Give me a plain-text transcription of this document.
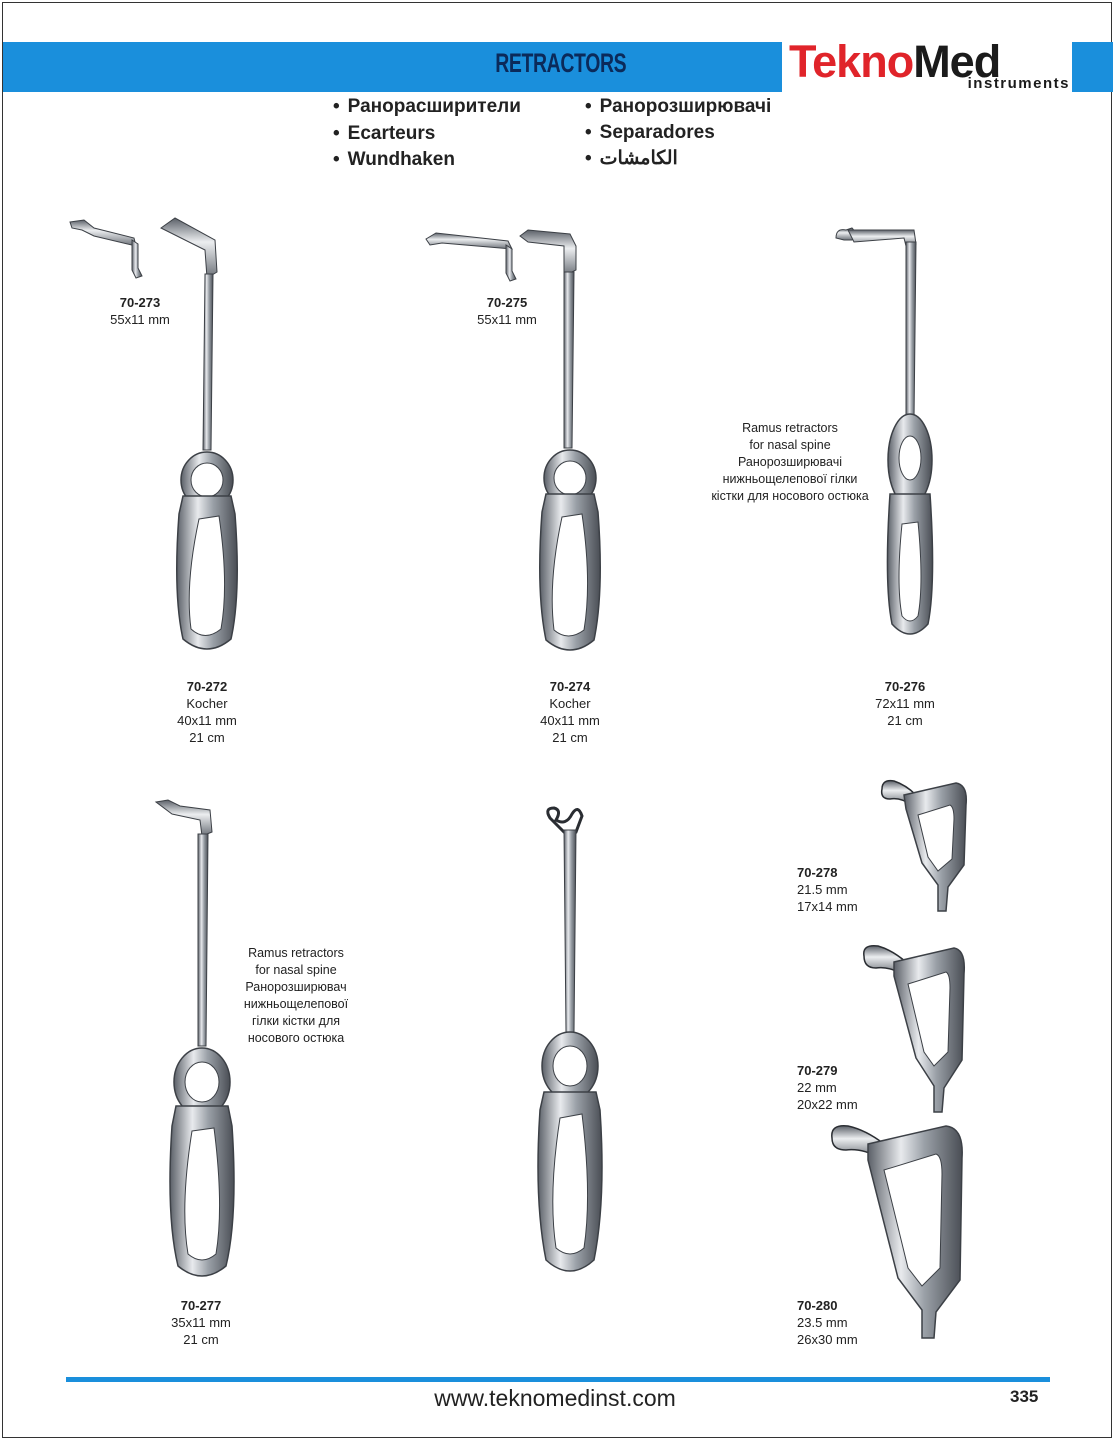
RETRACTORS	TeknoMed
instruments
• Ранорасширители
• Ecarteurs
• Wundhaken
• Ранорозширювачі
• Separadores
• الكامشات
70-273
55x11 mm
70-272
Kocher
40x11 mm
21 cm
70-275
55x11 mm
70-274
Kocher
40x11 mm
21 cm
Ramus retractors
for nasal spine
Ранорозширювачі
нижньощелепової гілки
кістки для носового остюка
70-276
72x11 mm
21 cm
Ramus retractors
for nasal spine
Ранорозширювач
нижньощелепової
гілки кістки для
носового остюка
70-277
35x11 mm
21 cm
70-278
21.5 mm
17x14 mm
70-279
22 mm
20x22 mm
70-280
23.5 mm
26x30 mm
www.teknomedinst.com	335
